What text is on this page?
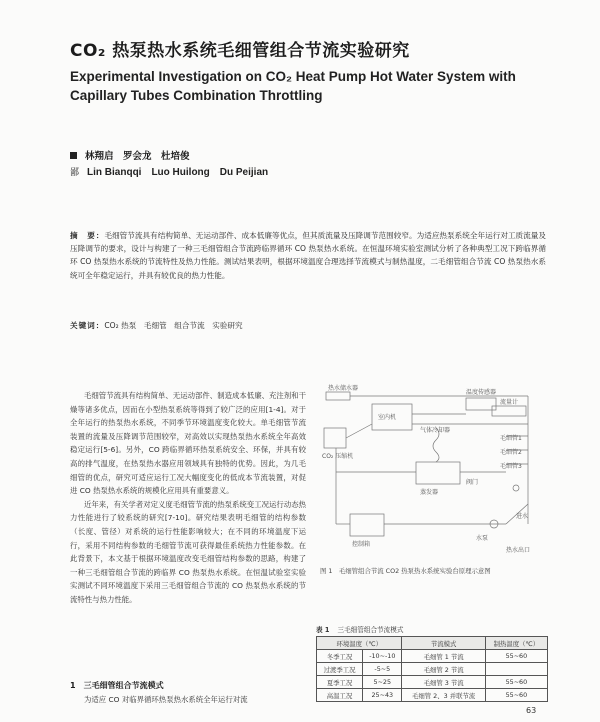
CO₂ 热泵热水系统毛细管组合节流实验研究
Experimental Investigation on CO₂ Heat Pump Hot Water System with Capillary Tubes Combination Throttling
林翔启　罗会龙　杜培俊
鄙 Lin Bianqqi　Luo Huilong　Du Peijian
摘　要：毛细管节流具有结构简单、无运动部件、成本低廉等优点，但其质流量及压降调节范围较窄。为适应热泵系统全年运行对工质流量及压降调节的要求，设计与构建了一种三毛细管组合节流跨临界循环 CO 热泵热水系统。在恒温环境实验室测试分析了各种典型工况下跨临界循环 CO 热泵热水系统的节流特性及热力性能。测试结果表明，根据环境温度合理选择节流模式与制热温度，二毛细管组合节流 CO 热泵热水系统可全年稳定运行，并具有较优良的热力性能。
关键词：CO₂ 热泵　毛细管　组合节流　实验研究

毛细管节流具有结构简单、无运动部件、制造成本低廉、充注剂和干燥等诸多优点，因而在小型热泵系统等得到了较广泛的应用[1-4]。对于全年运行的热泵热水系统，不同季节环境温度变化较大。单毛细管节流装置的流量及压降调节范围较窄，对高效以实现热泵热水系统全年高效稳定运行[5-6]。另外，CO 跨临界循环热泵系统安全、环保，并具有较高的排气温度，在热泵热水器应用领域具有独特的优势。因此，为几毛细管的优点，研究可适应运行工况大幅度变化的低成本节流装置，对促进 CO 热泵热水系统的规模化应用具有重要意义。

近年来，有关学者对定义度毛细管节流的热泵系统变工况运行动态热力性能进行了较系统的研究[7-10]。研究结果表明毛细管的结构参数（长度、管径）对系统的运行性能影响较大；在不同的环境温度下运行，采用不同结构参数的毛细管节流可获得最佳系统热力性能参数。在此背景下，本文基于根据环境温度改变毛细管结构参数的思路，构建了一种三毛细管组合节流的跨临界 CO 热泵热水系统。在恒温试验室实验实测试不同环境温度下采用三毛细管组合节流的 CO 热泵热水系统的节流特性与热力性能。

1　三毛细管组合节流模式
为适应 CO 对临界循环热泵热水系统全年运行对流
热水储水器
室内机
气体冷却器
CO₂ 压缩机
毛细管1
毛细管2
毛细管3
蒸发器
阀门
水泵
进水
热水出口
温度传感器
流量计
控制箱
图 1　毛细管组合节流 CO2 热泵热水系统实验台原理示意图
表 1 三毛细管组合节流模式
环境温度（℃）		节流模式	制热温度（℃）
冬季工况	-10~-10	毛细管 1 节流	55~60
过渡季工况	-5~5	毛细管 2 节流	
夏季工况	5~25	毛细管 3 节流	55~60
高温工况	25~43	毛细管 2、3 并联节流	55~60
63
